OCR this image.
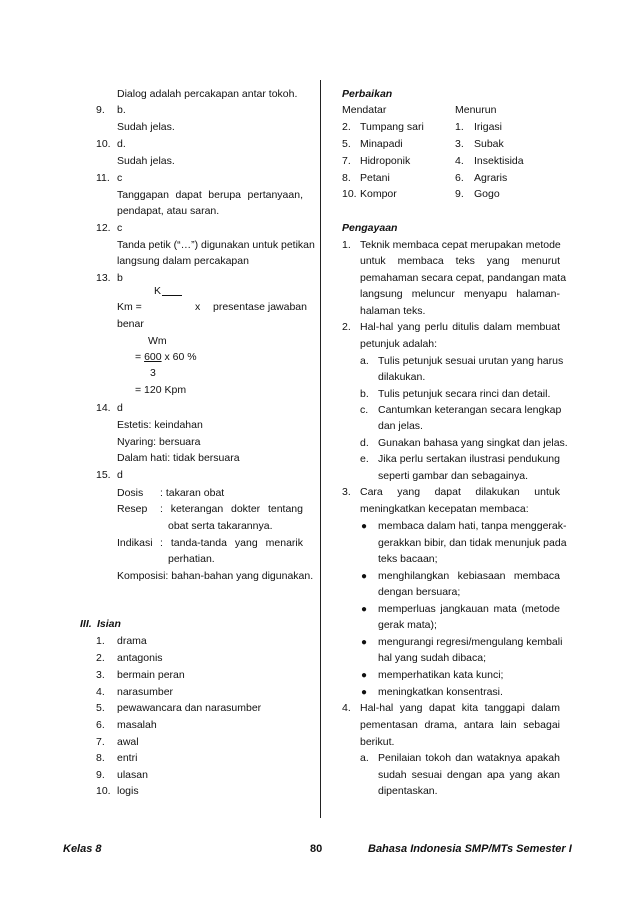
Dialog adalah percakapan antar tokoh.
9. b.
Sudah jelas.
10. d.
Sudah jelas.
11. c
Tanggapan dapat berupa pertanyaan,
pendapat, atau saran.
12. c
Tanda petik (“…”) digunakan untuk petikan
langsung dalam percakapan
13. b
K
Km =	x presentase jawaban
benar
Wm
= 600 x 60 %
3
= 120 Kpm
14. d
Estetis: keindahan
Nyaring: bersuara
Dalam hati: tidak bersuara
15. d
Dosis : takaran obat
Resep : keterangan dokter tentang
obat serta takarannya.
Indikasi : tanda-tanda yang menarik
perhatian.
Komposisi: bahan-bahan yang digunakan.
III. Isian
1. drama
2. antagonis
3. bermain peran
4. narasumber
5. pewawancara dan narasumber
6. masalah
7. awal
8. entri
9. ulasan
10. logis
Perbaikan
Mendatar	Menurun
2. Tumpang sari	1. Irigasi
5. Minapadi	3. Subak
7. Hidroponik	4. Insektisida
8. Petani	6. Agraris
10. Kompor	9. Gogo
Pengayaan
1. Teknik membaca cepat merupakan metode
untuk membaca teks yang menurut
pemahaman secara cepat, pandangan mata
langsung meluncur menyapu halaman-
halaman teks.
2. Hal-hal yang perlu ditulis dalam membuat
petunjuk adalah:
a. Tulis petunjuk sesuai urutan yang harus
dilakukan.
b. Tulis petunjuk secara rinci dan detail.
c. Cantumkan keterangan secara lengkap
dan jelas.
d. Gunakan bahasa yang singkat dan jelas.
e. Jika perlu sertakan ilustrasi pendukung
seperti gambar dan sebagainya.
3. Cara yang dapat dilakukan untuk
meningkatkan kecepatan membaca:
● membaca dalam hati, tanpa menggerak-
gerakkan bibir, dan tidak menunjuk pada
teks bacaan;
● menghilangkan kebiasaan membaca
dengan bersuara;
● memperluas jangkauan mata (metode
gerak mata);
● mengurangi regresi/mengulang kembali
hal yang sudah dibaca;
● memperhatikan kata kunci;
● meningkatkan konsentrasi.
4. Hal-hal yang dapat kita tanggapi dalam
pementasan drama, antara lain sebagai
berikut.
a. Penilaian tokoh dan wataknya apakah
sudah sesuai dengan apa yang akan
dipentaskan.
Kelas 8	80	Bahasa Indonesia SMP/MTs Semester I
